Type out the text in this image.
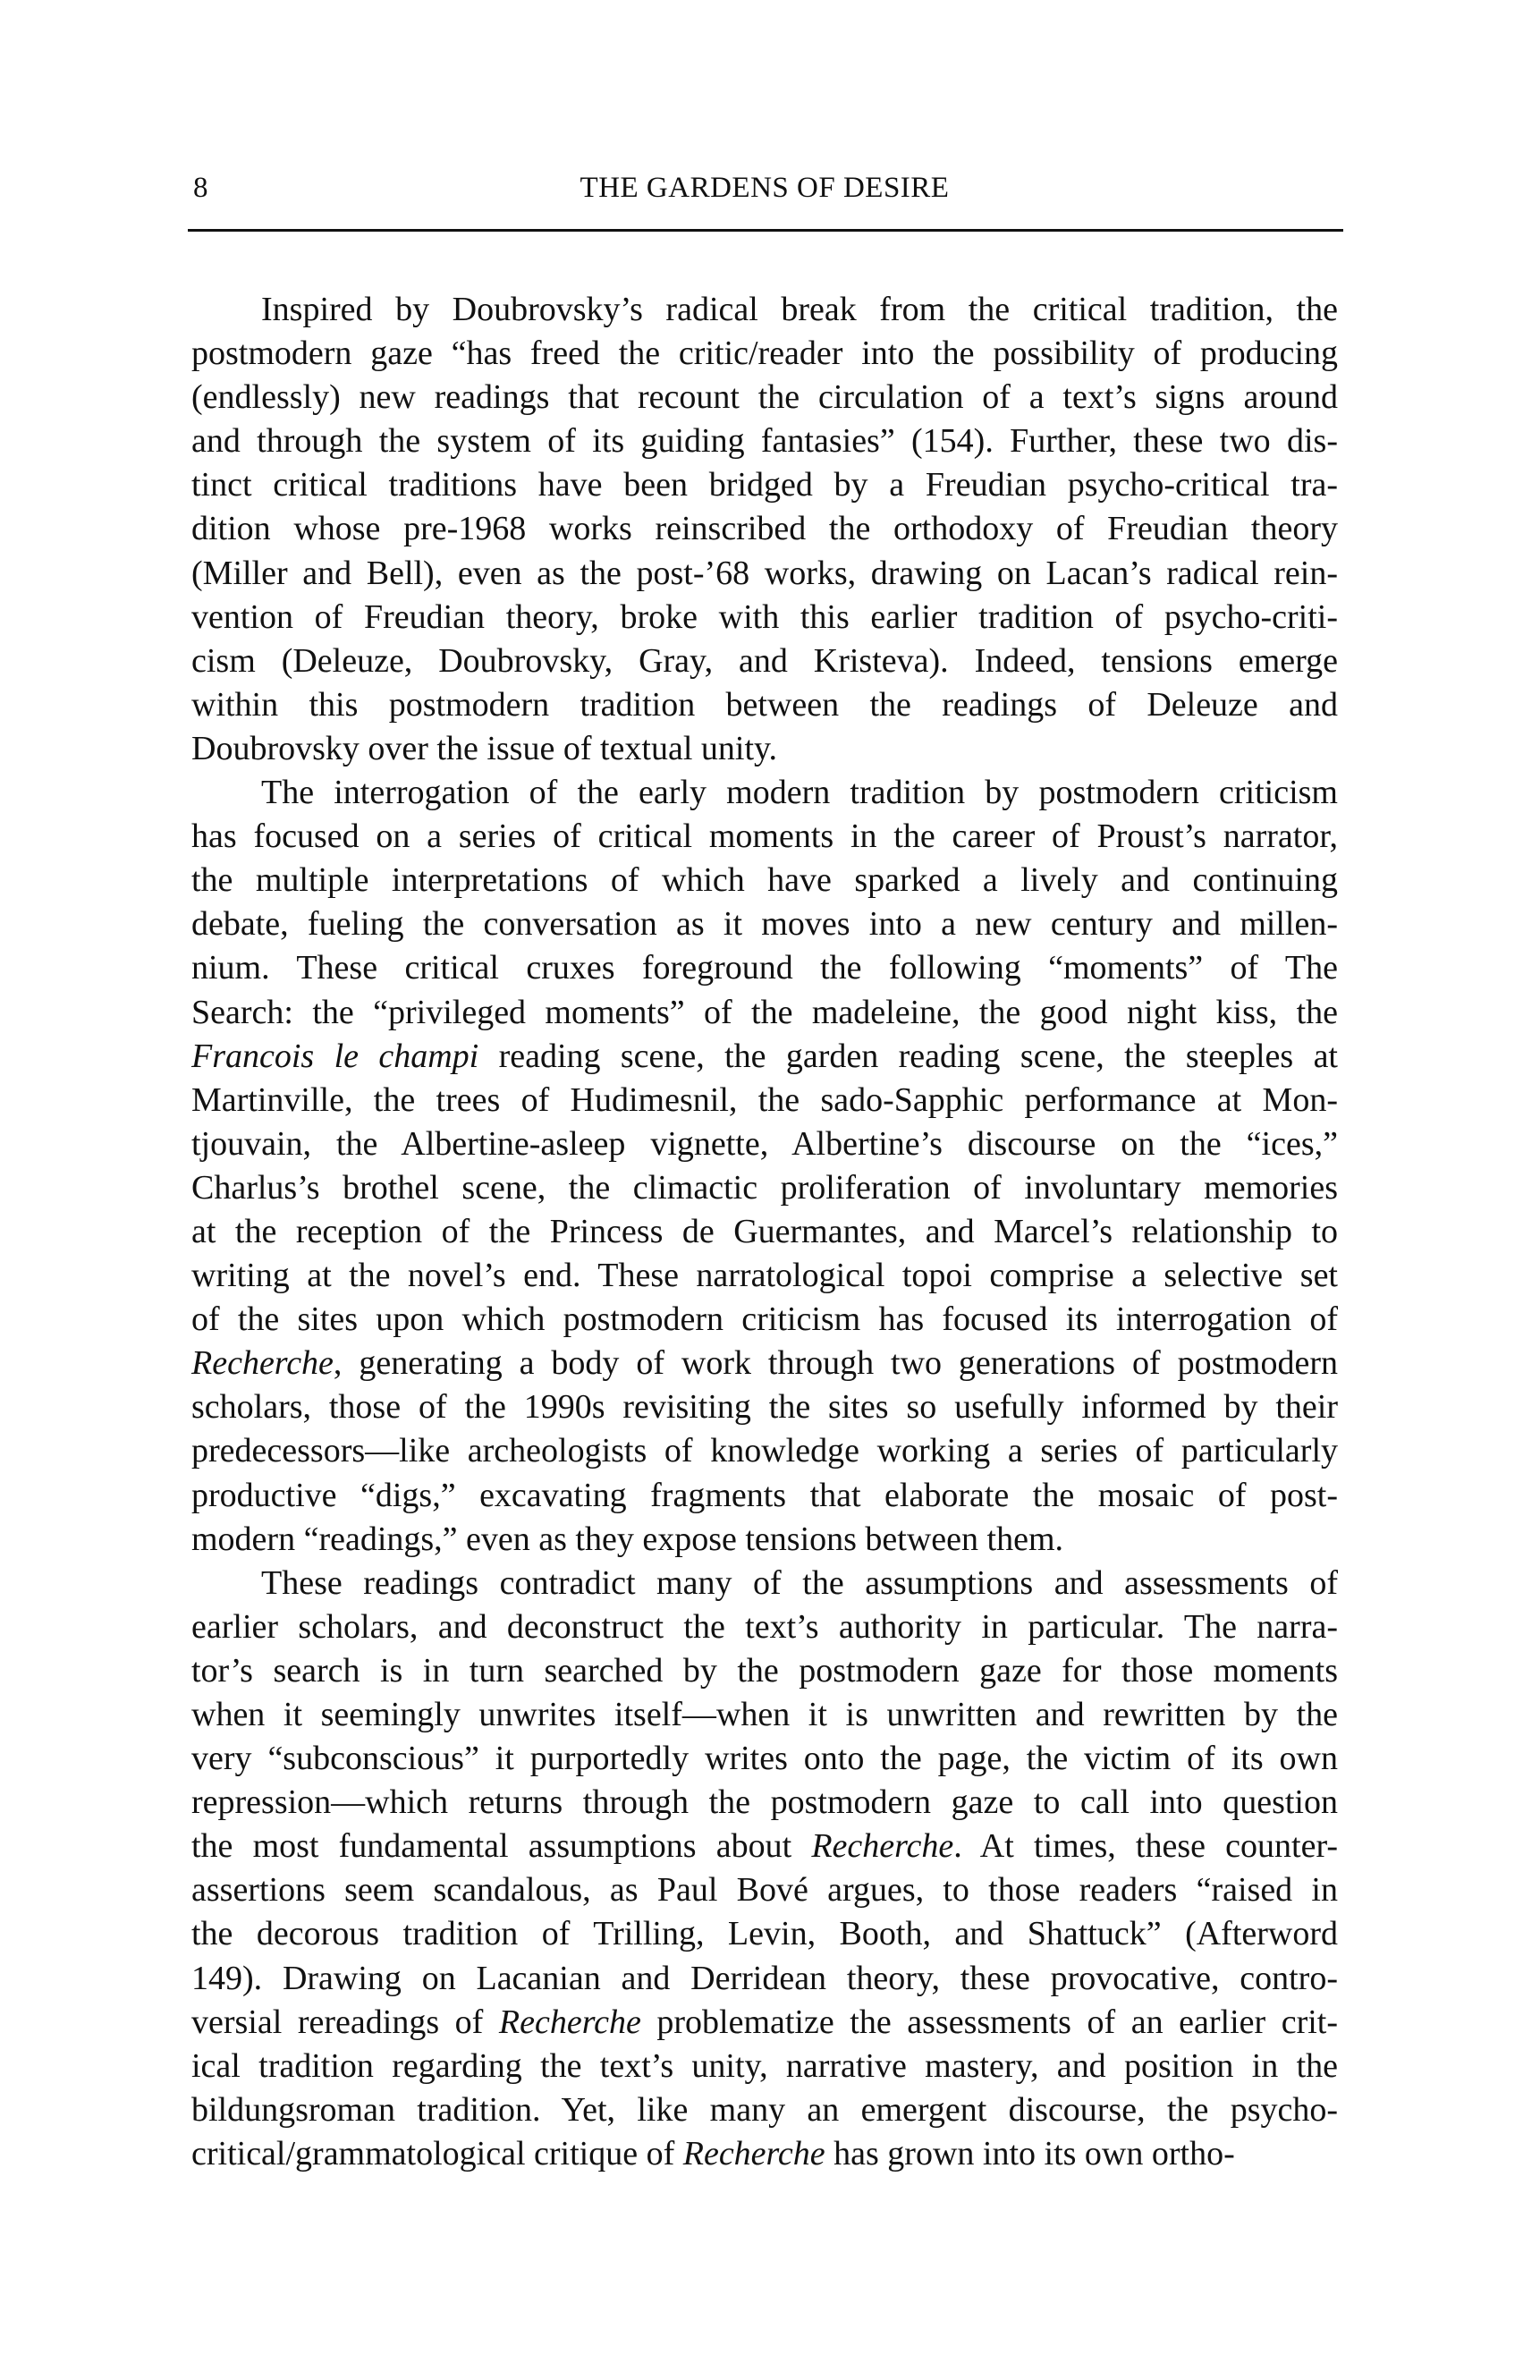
8	THE GARDENS OF DESIRE

Inspired by Doubrovsky’s radical break from the critical tradition, the
postmodern gaze “has freed the critic/reader into the possibility of producing
(endlessly) new readings that recount the circulation of a text’s signs around
and through the system of its guiding fantasies” (154). Further, these two dis-
tinct critical traditions have been bridged by a Freudian psycho-critical tra-
dition whose pre-1968 works reinscribed the orthodoxy of Freudian theory
(Miller and Bell), even as the post-’68 works, drawing on Lacan’s radical rein-
vention of Freudian theory, broke with this earlier tradition of psycho-criti-
cism (Deleuze, Doubrovsky, Gray, and Kristeva). Indeed, tensions emerge
within this postmodern tradition between the readings of Deleuze and
Doubrovsky over the issue of textual unity.

The interrogation of the early modern tradition by postmodern criticism
has focused on a series of critical moments in the career of Proust’s narrator,
the multiple interpretations of which have sparked a lively and continuing
debate, fueling the conversation as it moves into a new century and millen-
nium. These critical cruxes foreground the following “moments” of The
Search: the “privileged moments” of the madeleine, the good night kiss, the
Francois le champi reading scene, the garden reading scene, the steeples at
Martinville, the trees of Hudimesnil, the sado-Sapphic performance at Mon-
tjouvain, the Albertine-asleep vignette, Albertine’s discourse on the “ices,”
Charlus’s brothel scene, the climactic proliferation of involuntary memories
at the reception of the Princess de Guermantes, and Marcel’s relationship to
writing at the novel’s end. These narratological topoi comprise a selective set
of the sites upon which postmodern criticism has focused its interrogation of
Recherche, generating a body of work through two generations of postmodern
scholars, those of the 1990s revisiting the sites so usefully informed by their
predecessors—like archeologists of knowledge working a series of particularly
productive “digs,” excavating fragments that elaborate the mosaic of post-
modern “readings,” even as they expose tensions between them.

These readings contradict many of the assumptions and assessments of
earlier scholars, and deconstruct the text’s authority in particular. The narra-
tor’s search is in turn searched by the postmodern gaze for those moments
when it seemingly unwrites itself—when it is unwritten and rewritten by the
very “subconscious” it purportedly writes onto the page, the victim of its own
repression—which returns through the postmodern gaze to call into question
the most fundamental assumptions about Recherche. At times, these counter-
assertions seem scandalous, as Paul Bové argues, to those readers “raised in
the decorous tradition of Trilling, Levin, Booth, and Shattuck” (Afterword
149). Drawing on Lacanian and Derridean theory, these provocative, contro-
versial rereadings of Recherche problematize the assessments of an earlier crit-
ical tradition regarding the text’s unity, narrative mastery, and position in the
bildungsroman tradition. Yet, like many an emergent discourse, the psycho-
critical/grammatological critique of Recherche has grown into its own ortho-
